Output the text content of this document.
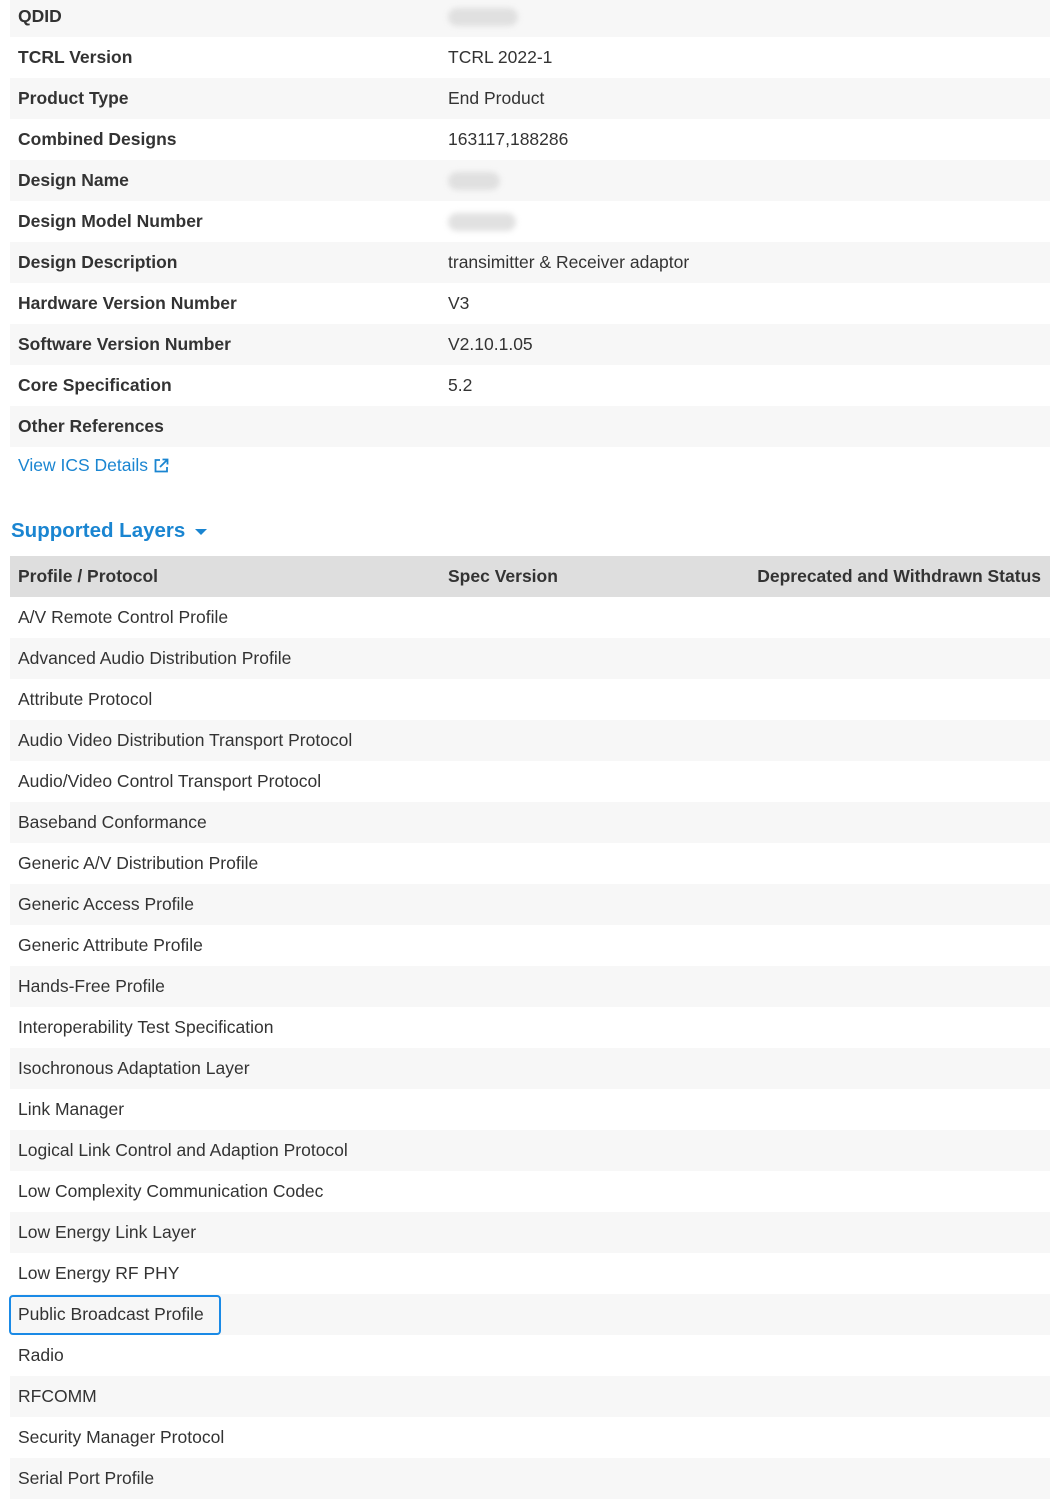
QDID
TCRL Version	TCRL 2022-1
Product Type	End Product
Combined Designs	163117,188286
Design Name
Design Model Number
Design Description	transimitter & Receiver adaptor
Hardware Version Number	V3
Software Version Number	V2.10.1.05
Core Specification	5.2
Other References
View ICS Details
Supported Layers
Profile / Protocol	Spec Version	Deprecated and Withdrawn Status
A/V Remote Control Profile
Advanced Audio Distribution Profile
Attribute Protocol
Audio Video Distribution Transport Protocol
Audio/Video Control Transport Protocol
Baseband Conformance
Generic A/V Distribution Profile
Generic Access Profile
Generic Attribute Profile
Hands-Free Profile
Interoperability Test Specification
Isochronous Adaptation Layer
Link Manager
Logical Link Control and Adaption Protocol
Low Complexity Communication Codec
Low Energy Link Layer
Low Energy RF PHY
Public Broadcast Profile
Radio
RFCOMM
Security Manager Protocol
Serial Port Profile
